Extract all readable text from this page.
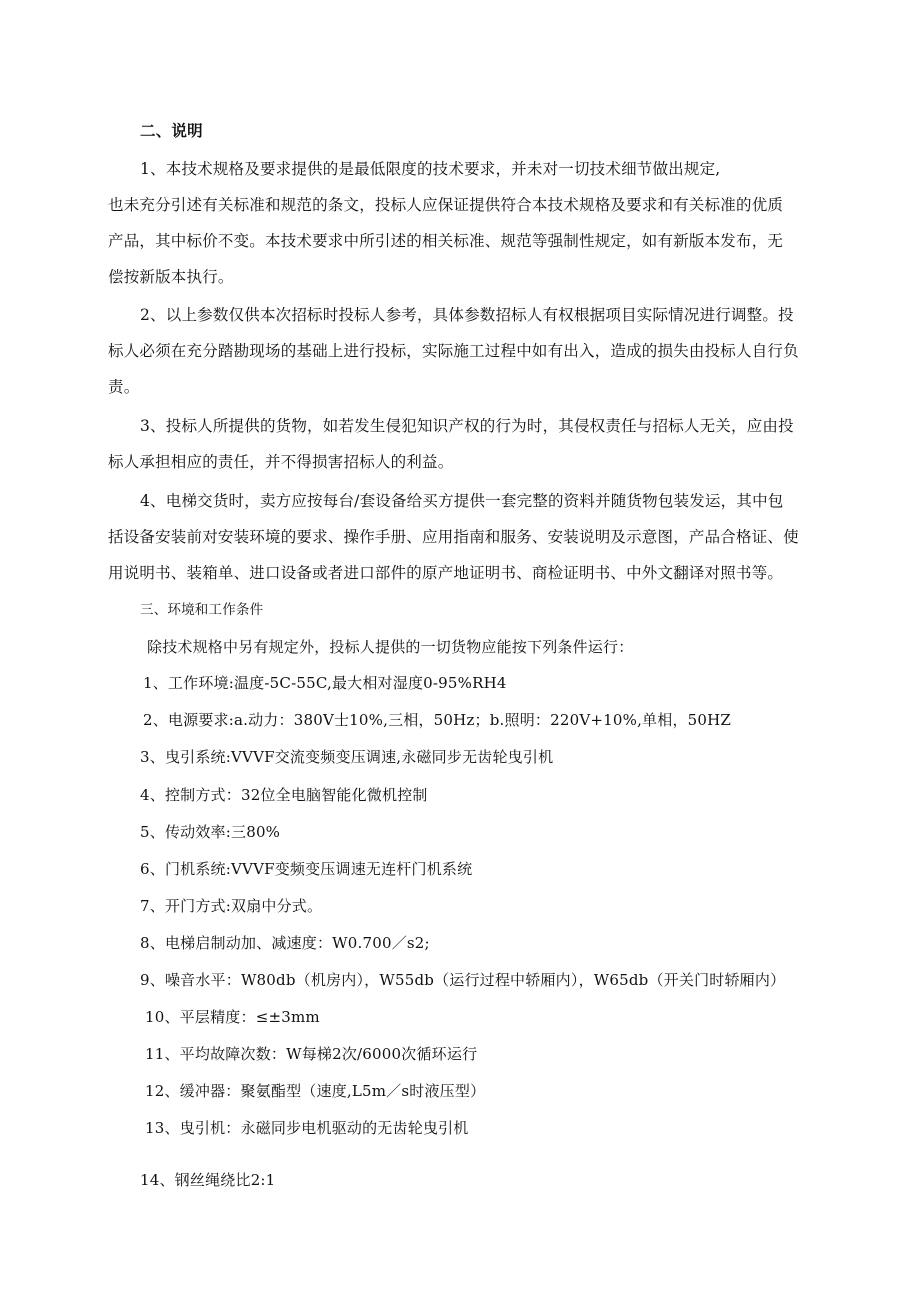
二、说明
1、本技术规格及要求提供的是最低限度的技术要求，并未对一切技术细节做出规定,
也未充分引述有关标准和规范的条文，投标人应保证提供符合本技术规格及要求和有关标准的优质
产品，其中标价不变。本技术要求中所引述的相关标准、规范等强制性规定，如有新版本发布，无
偿按新版本执行。
2、以上参数仅供本次招标时投标人参考，具体参数招标人有权根据项目实际情况进行调整。投
标人必须在充分踏勘现场的基础上进行投标，实际施工过程中如有出入，造成的损失由投标人自行负
责。
3、投标人所提供的货物，如若发生侵犯知识产权的行为时，其侵权责任与招标人无关，应由投
标人承担相应的责任，并不得损害招标人的利益。
4、电梯交货时，卖方应按每台/套设备给买方提供一套完整的资料并随货物包装发运，其中包
括设备安装前对安装环境的要求、操作手册、应用指南和服务、安装说明及示意图，产品合格证、使
用说明书、装箱单、进口设备或者进口部件的原产地证明书、商检证明书、中外文翻译对照书等。
三、环境和工作条件
除技术规格中另有规定外，投标人提供的一切货物应能按下列条件运行：
1、工作环境:温度-5C-55C,最大相对湿度0-95%RH4
2、电源要求:a.动力：380V士10%,三相，50Hz；b.照明：220V+10%,单相，50HZ
3、曳引系统:VVVF交流变频变压调速,永磁同步无齿轮曳引机
4、控制方式：32位全电脑智能化微机控制
5、传动效率:三80%
6、门机系统:VVVF变频变压调速无连杆门机系统
7、开门方式:双扇中分式。
8、电梯启制动加、减速度：W0.700／s2;
9、噪音水平：W80db（机房内），W55db（运行过程中轿厢内），W65db（开关门时轿厢内）
10、平层精度：≤±3mm
11、平均故障次数：W每梯2次/6000次循环运行
12、缓冲器：聚氨酯型（速度,L5m／s时液压型）
13、曳引机：永磁同步电机驱动的无齿轮曳引机
14、钢丝绳绕比2:1
